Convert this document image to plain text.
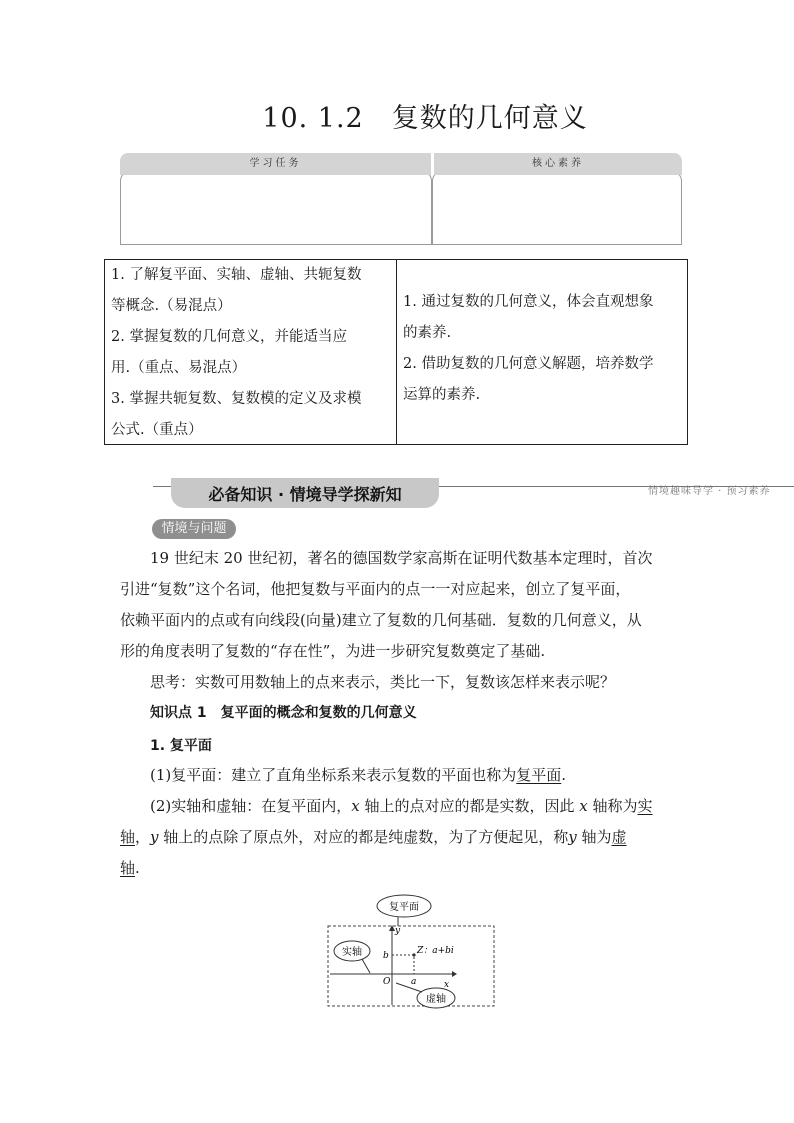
10. 1.2 复数的几何意义
学习任务	核心素养

1. 了解复平面、实轴、虚轴、共轭复数

等概念.（易混点）

2. 掌握复数的几何意义，并能适当应

用.（重点、易混点）

3. 掌握共轭复数、复数模的定义及求模

公式.（重点）

1. 通过复数的几何意义，体会直观想象

的素养.

2. 借助复数的几何意义解题，培养数学

运算的素养.

必备知识 · 情境导学探新知	情境趣味导学 · 预习素养
情境与问题

19 世纪末 20 世纪初，著名的德国数学家高斯在证明代数基本定理时，首次

引进“复数”这个名词，他把复数与平面内的点一一对应起来，创立了复平面，

依赖平面内的点或有向线段(向量)建立了复数的几何基础．复数的几何意义，从

形的角度表明了复数的“存在性”，为进一步研究复数奠定了基础.

思考：实数可用数轴上的点来表示，类比一下，复数该怎样来表示呢？

知识点 1 复平面的概念和复数的几何意义
1. 复平面

(1)复平面：建立了直角坐标系来表示复数的平面也称为复平面.

(2)实轴和虚轴：在复平面内，x 轴上的点对应的都是实数，因此 x 轴称为实

轴，y 轴上的点除了原点外，对应的都是纯虚数，为了方便起见，称y 轴为虚

轴.

复平面
Z：a+bi
y
x
O a
b
实轴
虚轴
